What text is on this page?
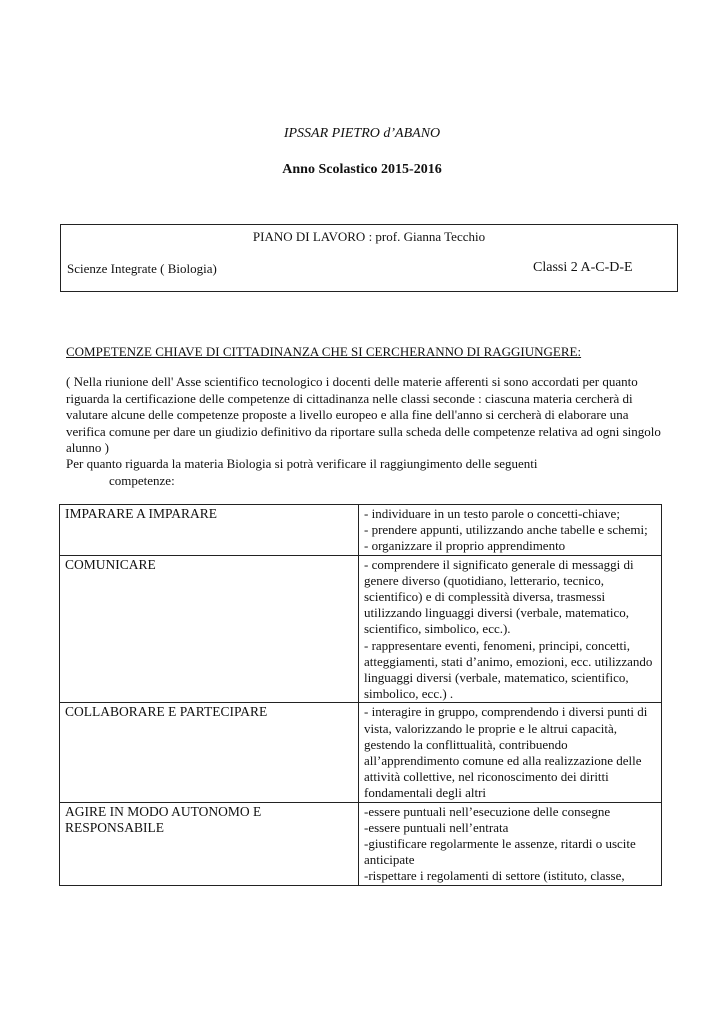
IPSSAR PIETRO d’ABANO
Anno Scolastico 2015-2016
PIANO DI LAVORO : prof. Gianna Tecchio
Scienze Integrate ( Biologia)	Classi 2 A-C-D-E
COMPETENZE CHIAVE DI CITTADINANZA CHE SI CERCHERANNO DI RAGGIUNGERE:
( Nella riunione dell' Asse scientifico tecnologico i docenti delle materie afferenti si sono accordati per quanto riguarda la certificazione delle competenze di cittadinanza nelle classi seconde : ciascuna materia cercherà di valutare alcune delle competenze proposte a livello europeo e alla fine dell'anno si cercherà di elaborare una verifica comune per dare un giudizio definitivo da riportare sulla scheda delle competenze relativa ad ogni singolo alunno )
Per quanto riguarda la materia Biologia si potrà verificare il raggiungimento delle seguenti
competenze:
IMPARARE A IMPARARE	- individuare in un testo parole o concetti-chiave;
- prendere appunti, utilizzando anche tabelle e schemi;
- organizzare il proprio apprendimento
COMUNICARE	- comprendere il significato generale di messaggi di genere diverso (quotidiano, letterario, tecnico, scientifico) e di complessità diversa, trasmessi utilizzando linguaggi diversi (verbale, matematico, scientifico, simbolico, ecc.).
- rappresentare eventi, fenomeni, principi, concetti, atteggiamenti, stati d’animo, emozioni, ecc. utilizzando linguaggi diversi (verbale, matematico, scientifico, simbolico, ecc.) .
COLLABORARE E PARTECIPARE	- interagire in gruppo, comprendendo i diversi punti di vista, valorizzando le proprie e le altrui capacità, gestendo la conflittualità, contribuendo all’apprendimento comune ed alla realizzazione delle attività collettive, nel riconoscimento dei diritti fondamentali degli altri
AGIRE IN MODO AUTONOMO E RESPONSABILE	-essere puntuali nell’esecuzione delle consegne
-essere puntuali nell’entrata
-giustificare regolarmente le assenze, ritardi o uscite anticipate
-rispettare i regolamenti di settore (istituto, classe,
